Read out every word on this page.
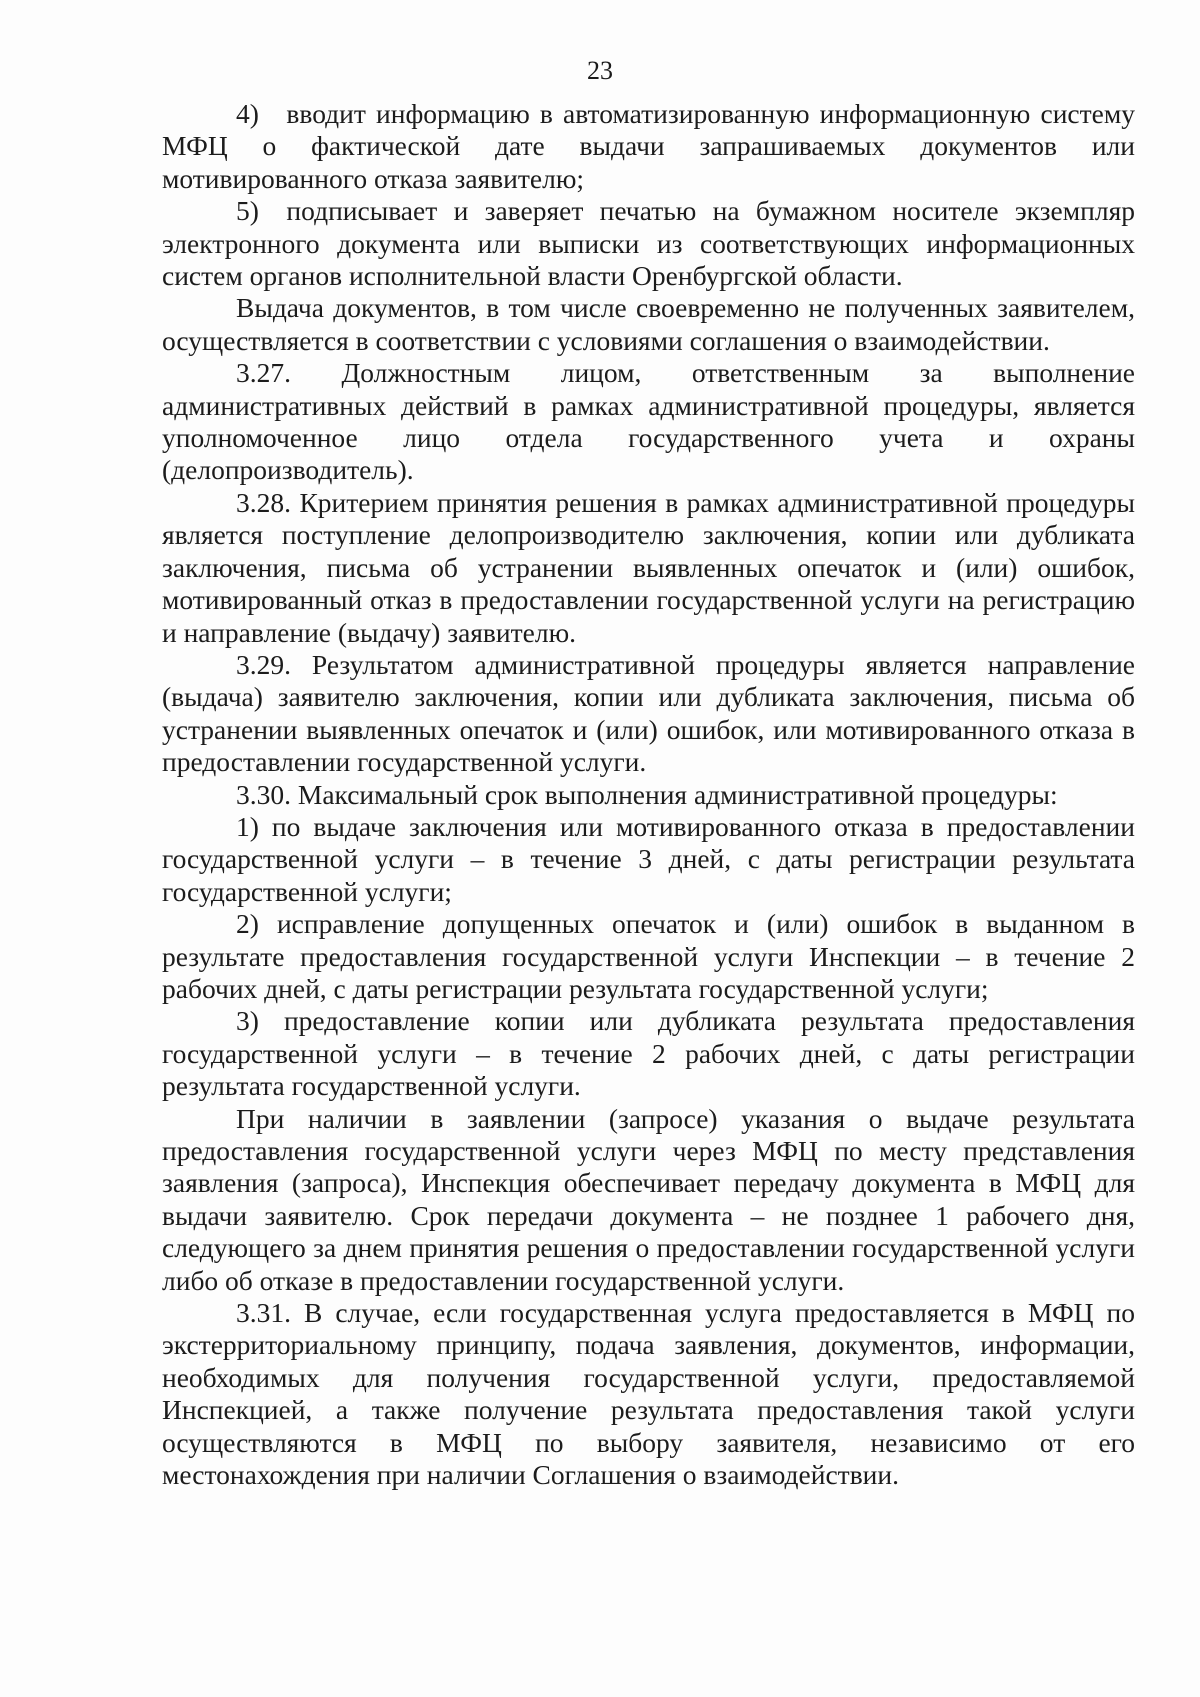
23

4) вводит информацию в автоматизированную информационную систему МФЦ о фактической дате выдачи запрашиваемых документов или мотивированного отказа заявителю;

5) подписывает и заверяет печатью на бумажном носителе экземпляр электронного документа или выписки из соответствующих информационных систем органов исполнительной власти Оренбургской области.

Выдача документов, в том числе своевременно не полученных заявителем, осуществляется в соответствии с условиями соглашения о взаимодействии.

3.27. Должностным лицом, ответственным за выполнение административных действий в рамках административной процедуры, является уполномоченное лицо отдела государственного учета и охраны (делопроизводитель).

3.28. Критерием принятия решения в рамках административной процедуры является поступление делопроизводителю заключения, копии или дубликата заключения, письма об устранении выявленных опечаток и (или) ошибок, мотивированный отказ в предоставлении государственной услуги на регистрацию и направление (выдачу) заявителю.

3.29. Результатом административной процедуры является направление (выдача) заявителю заключения, копии или дубликата заключения, письма об устранении выявленных опечаток и (или) ошибок, или мотивированного отказа в предоставлении государственной услуги.

3.30. Максимальный срок выполнения административной процедуры:

1) по выдаче заключения или мотивированного отказа в предоставлении государственной услуги – в течение 3 дней, с даты регистрации результата государственной услуги;

2) исправление допущенных опечаток и (или) ошибок в выданном в результате предоставления государственной услуги Инспекции – в течение 2 рабочих дней, с даты регистрации результата государственной услуги;

3) предоставление копии или дубликата результата предоставления государственной услуги – в течение 2 рабочих дней, с даты регистрации результата государственной услуги.

При наличии в заявлении (запросе) указания о выдаче результата предоставления государственной услуги через МФЦ по месту представления заявления (запроса), Инспекция обеспечивает передачу документа в МФЦ для выдачи заявителю. Срок передачи документа – не позднее 1 рабочего дня, следующего за днем принятия решения о предоставлении государственной услуги либо об отказе в предоставлении государственной услуги.

3.31. В случае, если государственная услуга предоставляется в МФЦ по экстерриториальному принципу, подача заявления, документов, информации, необходимых для получения государственной услуги, предоставляемой Инспекцией, а также получение результата предоставления такой услуги осуществляются в МФЦ по выбору заявителя, независимо от его местонахождения при наличии Соглашения о взаимодействии.
